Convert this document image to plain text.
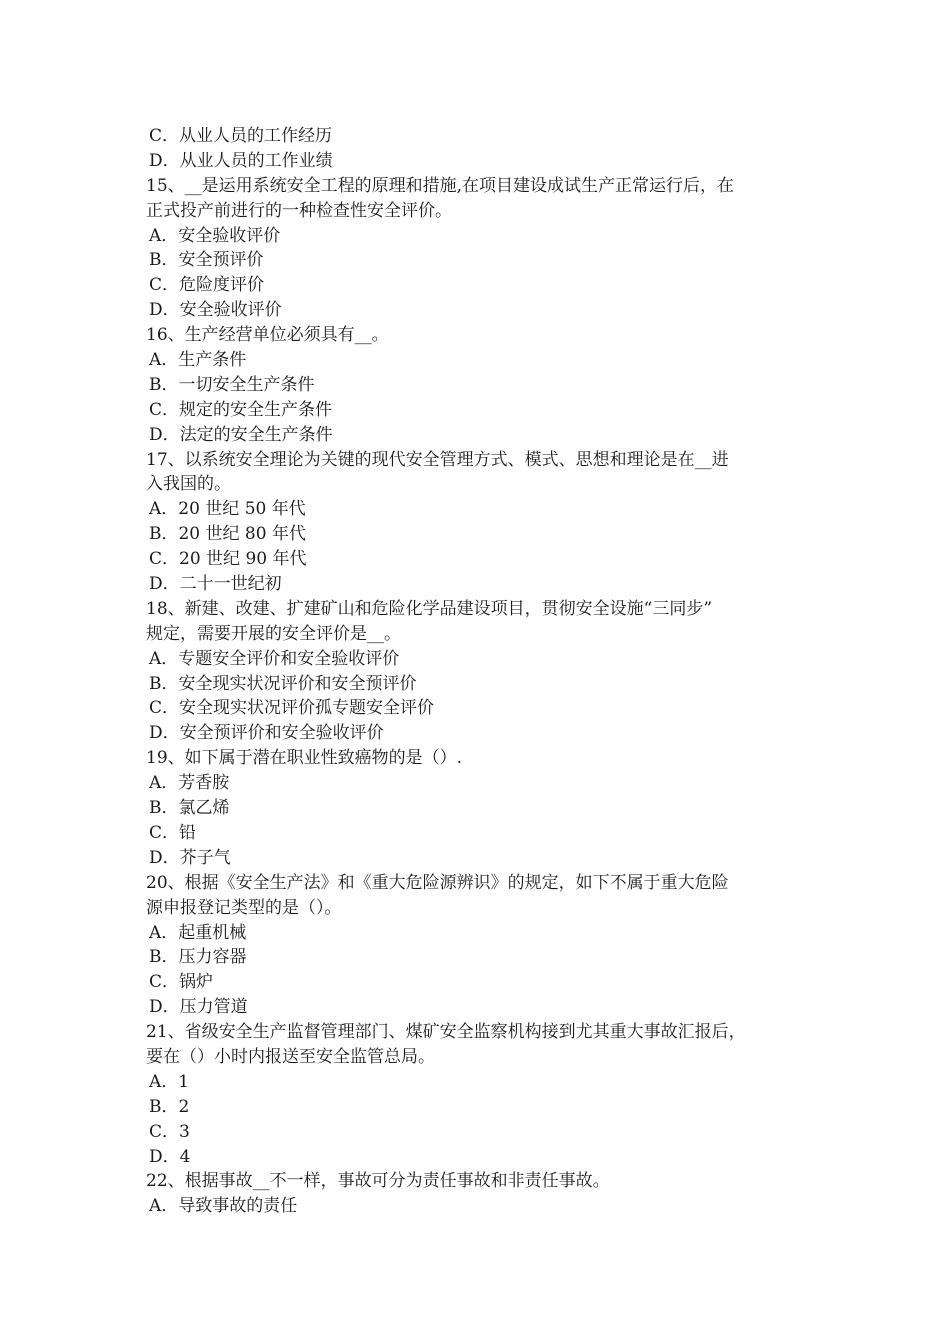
C．从业人员的工作经历
D．从业人员的工作业绩
15、__是运用系统安全工程的原理和措施,在项目建设成试生产正常运行后，在
正式投产前进行的一种检查性安全评价。
A．安全验收评价
B．安全预评价
C．危险度评价
D．安全验收评价
16、生产经营单位必须具有__。
A．生产条件
B．一切安全生产条件
C．规定的安全生产条件
D．法定的安全生产条件
17、以系统安全理论为关键的现代安全管理方式、模式、思想和理论是在__进
入我国的。
A．20 世纪 50 年代
B．20 世纪 80 年代
C．20 世纪 90 年代
D．二十一世纪初
18、新建、改建、扩建矿山和危险化学品建设项目，贯彻安全设施“三同步”
规定，需要开展的安全评价是__。
A．专题安全评价和安全验收评价
B．安全现实状况评价和安全预评价
C．安全现实状况评价孤专题安全评价
D．安全预评价和安全验收评价
19、如下属于潜在职业性致癌物的是（）.
A．芳香胺
B．氯乙烯
C．铅
D．芥子气
20、根据《安全生产法》和《重大危险源辨识》的规定，如下不属于重大危险
源申报登记类型的是（）。
A．起重机械
B．压力容器
C．锅炉
D．压力管道
21、省级安全生产监督管理部门、煤矿安全监察机构接到尤其重大事故汇报后，
要在（）小时内报送至安全监管总局。
A．1
B．2
C．3
D．4
22、根据事故__不一样，事故可分为责任事故和非责任事故。
A．导致事故的责任
